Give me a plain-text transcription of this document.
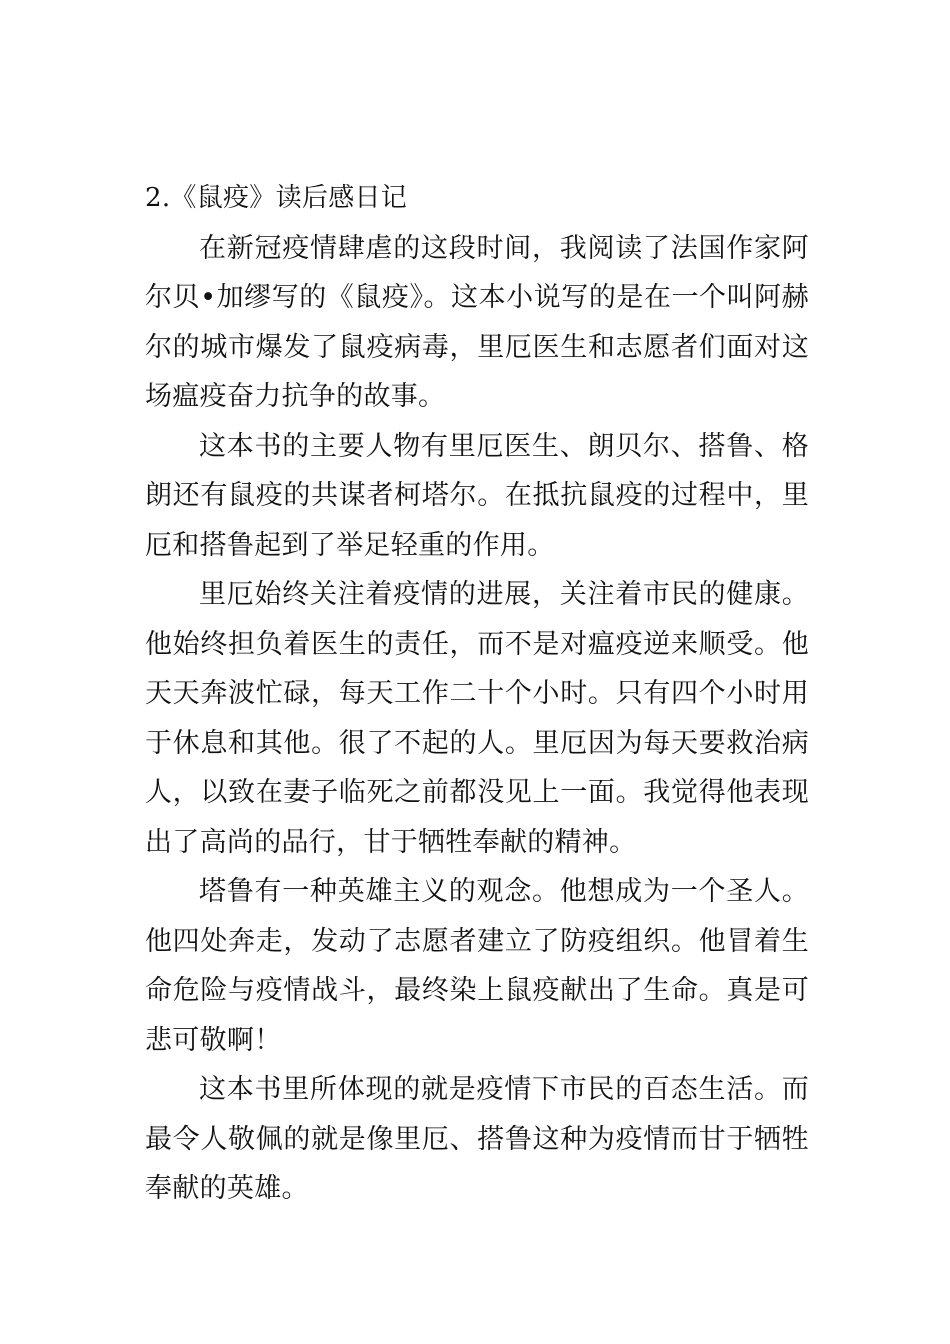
2.《鼠疫》读后感日记

在新冠疫情肆虐的这段时间，我阅读了法国作家阿尔贝•加缪写的《鼠疫》。这本小说写的是在一个叫阿赫尔的城市爆发了鼠疫病毒，里厄医生和志愿者们面对这场瘟疫奋力抗争的故事。

这本书的主要人物有里厄医生、朗贝尔、搭鲁、格朗还有鼠疫的共谋者柯塔尔。在抵抗鼠疫的过程中，里厄和搭鲁起到了举足轻重的作用。

里厄始终关注着疫情的进展，关注着市民的健康。他始终担负着医生的责任，而不是对瘟疫逆来顺受。他天天奔波忙碌，每天工作二十个小时。只有四个小时用于休息和其他。很了不起的人。里厄因为每天要救治病人，以致在妻子临死之前都没见上一面。我觉得他表现出了高尚的品行，甘于牺牲奉献的精神。

塔鲁有一种英雄主义的观念。他想成为一个圣人。他四处奔走，发动了志愿者建立了防疫组织。他冒着生命危险与疫情战斗，最终染上鼠疫献出了生命。真是可悲可敬啊！

这本书里所体现的就是疫情下市民的百态生活。而最令人敬佩的就是像里厄、搭鲁这种为疫情而甘于牺牲奉献的英雄。
